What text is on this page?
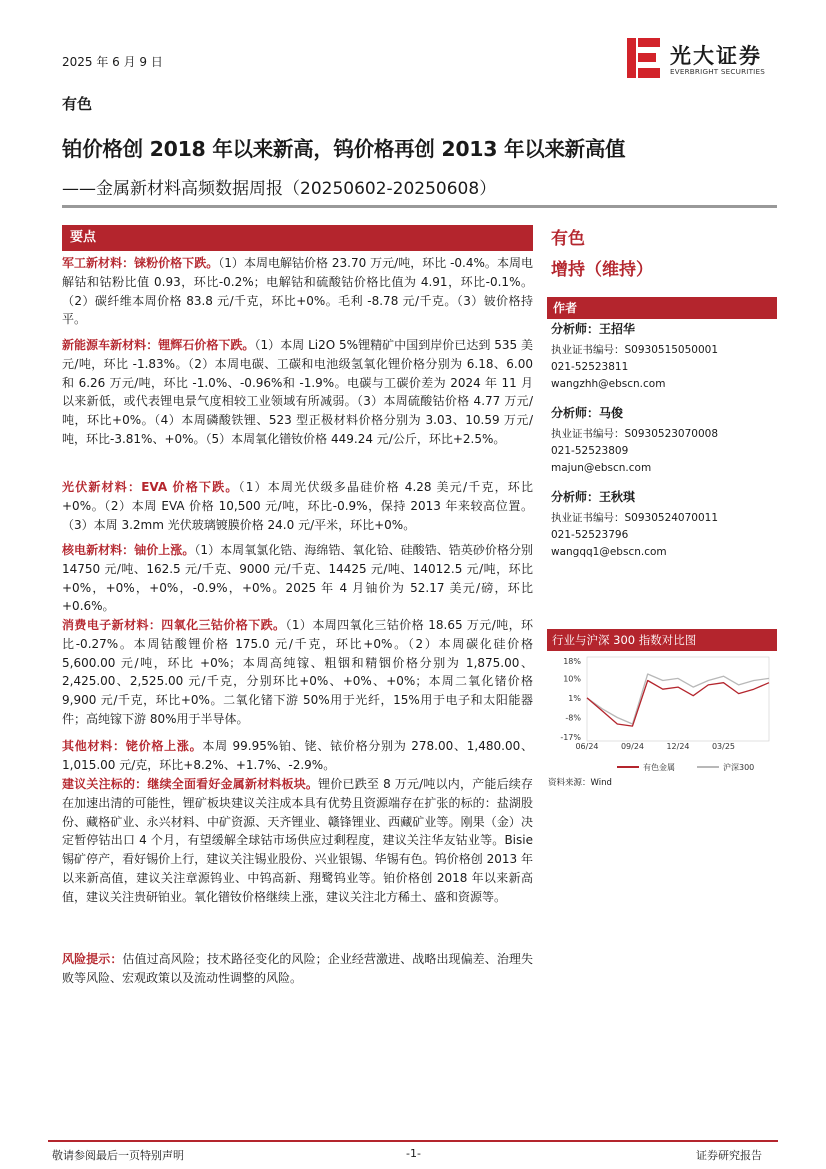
2025 年 6 月 9 日	光大证券
EVERBRIGHT SECURITIES
有色
铂价格创 2018 年以来新高，钨价格再创 2013 年以来新高值
——金属新材料高频数据周报（20250602-20250608）
要点
军工新材料：铼粉价格下跌。（1）本周电解钴价格 23.70 万元/吨，环比 -0.4%。本周电解钴和钴粉比值 0.93，环比-0.2%；电解钴和硫酸钴价格比值为 4.91，环比-0.1%。（2）碳纤维本周价格 83.8 元/千克，环比+0%。毛利 -8.78 元/千克。（3）铍价格持平。
新能源车新材料：锂辉石价格下跌。（1）本周 Li2O 5%锂精矿中国到岸价已达到 535 美元/吨，环比 -1.83%。（2）本周电碳、工碳和电池级氢氧化锂价格分别为 6.18、6.00 和 6.26 万元/吨，环比 -1.0%、-0.96%和 -1.9%。电碳与工碳价差为 2024 年 11 月以来新低，或代表锂电景气度相较工业领域有所减弱。（3）本周硫酸钴价格 4.77 万元/吨，环比+0%。（4）本周磷酸铁锂、523 型正极材料价格分别为 3.03、10.59 万元/吨，环比-3.81%、+0%。（5）本周氧化镨钕价格 449.24 元/公斤，环比+2.5%。
光伏新材料：EVA 价格下跌。（1）本周光伏级多晶硅价格 4.28 美元/千克，环比 +0%。（2）本周 EVA 价格 10,500 元/吨，环比-0.9%，保持 2013 年来较高位置。（3）本周 3.2mm 光伏玻璃镀膜价格 24.0 元/平米，环比+0%。
核电新材料：铀价上涨。（1）本周氧氯化锆、海绵锆、氧化铪、硅酸锆、锆英砂价格分别 14750 元/吨、162.5 元/千克、9000 元/千克、14425 元/吨、14012.5 元/吨，环比+0%，+0%，+0%，-0.9%，+0%。2025 年 4 月铀价为 52.17 美元/磅，环比+0.6%。
消费电子新材料：四氧化三钴价格下跌。（1）本周四氧化三钴价格 18.65 万元/吨，环比-0.27%。本周钴酸锂价格 175.0 元/千克，环比+0%。（2）本周碳化硅价格 5,600.00 元/吨，环比 +0%；本周高纯镓、粗铟和精铟价格分别为 1,875.00、2,425.00、2,525.00 元/千克，分别环比+0%、+0%、+0%；本周二氧化锗价格 9,900 元/千克，环比+0%。二氧化锗下游 50%用于光纤，15%用于电子和太阳能器件；高纯镓下游 80%用于半导体。
其他材料：铑价格上涨。本周 99.95%铂、铑、铱价格分别为 278.00、1,480.00、1,015.00 元/克，环比+8.2%、+1.7%、-2.9%。
建议关注标的：继续全面看好金属新材料板块。锂价已跌至 8 万元/吨以内，产能后续存在加速出清的可能性，锂矿板块建议关注成本具有优势且资源端存在扩张的标的：盐湖股份、藏格矿业、永兴材料、中矿资源、天齐锂业、赣锋锂业、西藏矿业等。刚果（金）决定暂停钴出口 4 个月，有望缓解全球钴市场供应过剩程度，建议关注华友钴业等。Bisie 锡矿停产，看好锡价上行，建议关注锡业股份、兴业银锡、华锡有色。钨价格创 2013 年以来新高值，建议关注章源钨业、中钨高新、翔鹭钨业等。铂价格创 2018 年以来新高值，建议关注贵研铂业。氧化镨钕价格继续上涨，建议关注北方稀土、盛和资源等。
风险提示：估值过高风险；技术路径变化的风险；企业经营激进、战略出现偏差、治理失败等风险、宏观政策以及流动性调整的风险。
有色
增持（维持）
作者
分析师：王招华
执业证书编号：S0930515050001
021-52523811
wangzhh@ebscn.com
分析师：马俊
执业证书编号：S0930523070008
021-52523809
majun@ebscn.com
分析师：王秋琪
执业证书编号：S0930524070011
021-52523796
wangqq1@ebscn.com
行业与沪深 300 指数对比图
18%
10%
1%
-8%
-17%
06/24	09/24	12/24	03/25
有色金属	沪深300
资料来源：Wind
敬请参阅最后一页特别声明	-1-	证券研究报告
